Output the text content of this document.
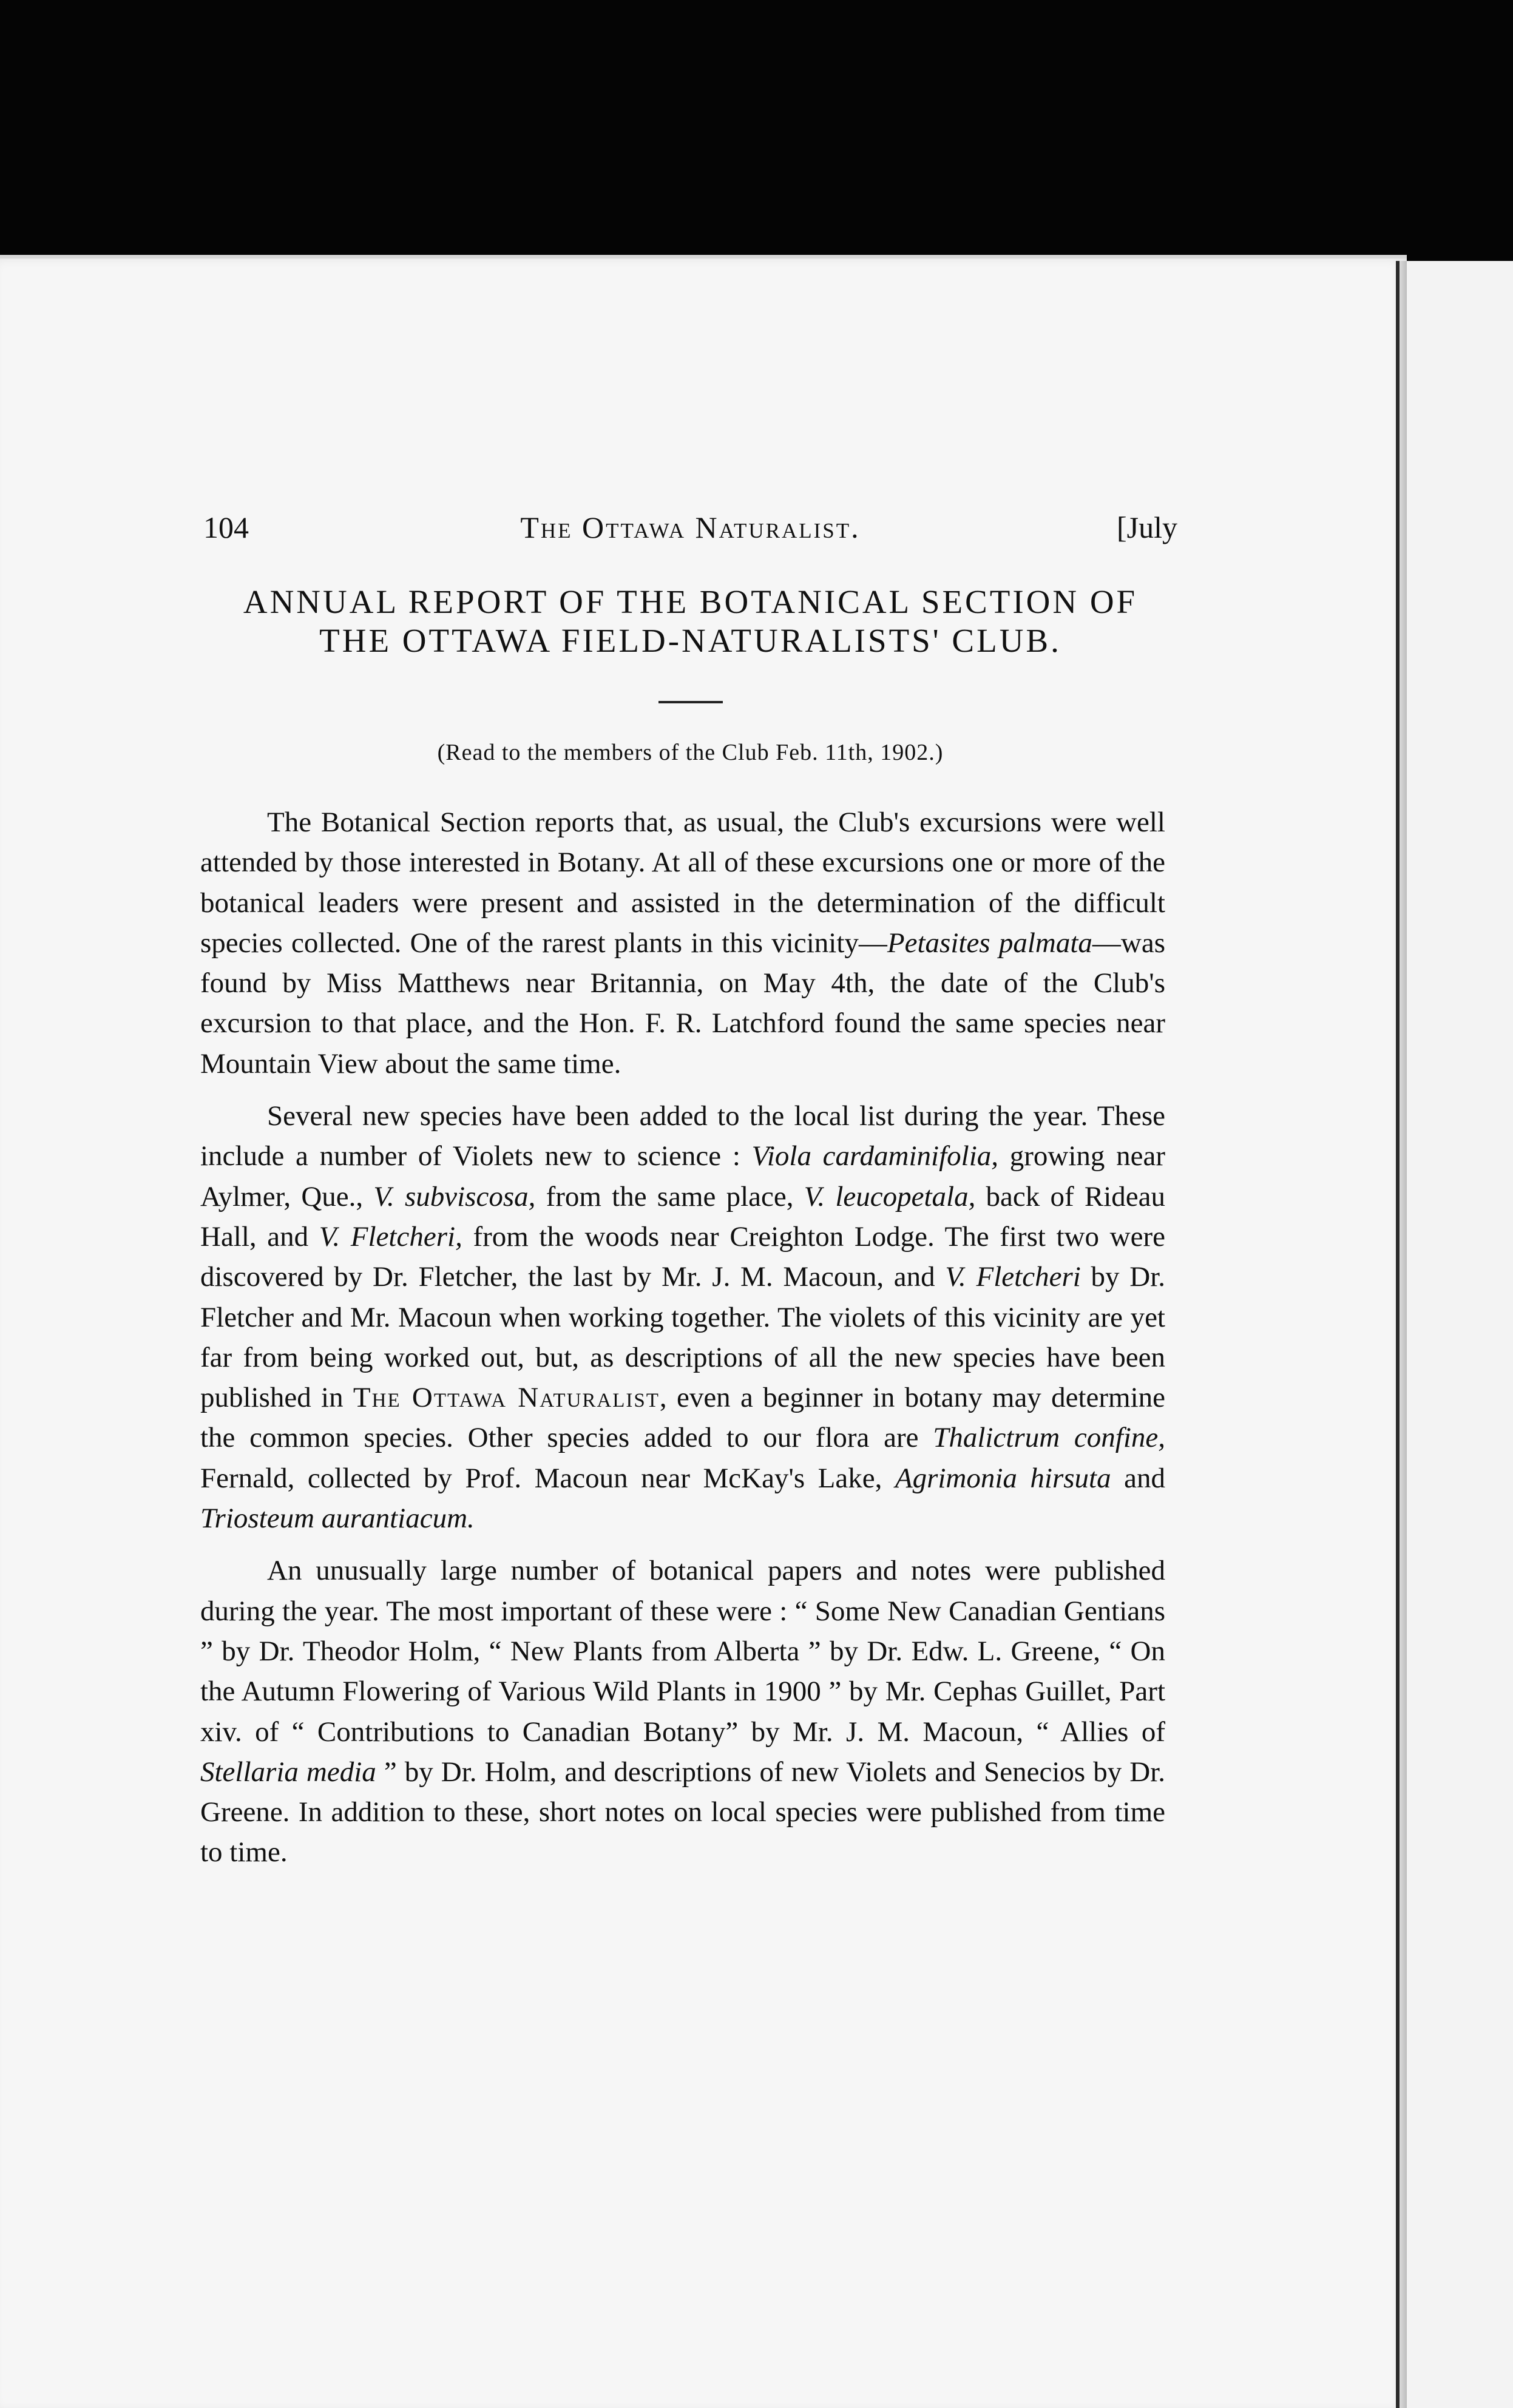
104	The Ottawa Naturalist.	[July
ANNUAL REPORT OF THE BOTANICAL SECTION OF
THE OTTAWA FIELD-NATURALISTS' CLUB.
(Read to the members of the Club Feb. 11th, 1902.)

The Botanical Section reports that, as usual, the Club's excursions were well attended by those interested in Botany. At all of these excursions one or more of the botanical leaders were present and assisted in the determination of the difficult species collected. One of the rarest plants in this vicinity—Petasites palmata—was found by Miss Matthews near Britannia, on May 4th, the date of the Club's excursion to that place, and the Hon. F. R. Latchford found the same species near Mountain View about the same time.

Several new species have been added to the local list during the year. These include a number of Violets new to science : Viola cardaminifolia, growing near Aylmer, Que., V. subviscosa, from the same place, V. leucopetala, back of Rideau Hall, and V. Fletcheri, from the woods near Creighton Lodge. The first two were discovered by Dr. Fletcher, the last by Mr. J. M. Macoun, and V. Fletcheri by Dr. Fletcher and Mr. Macoun when working together. The violets of this vicinity are yet far from being worked out, but, as descriptions of all the new species have been published in The Ottawa Naturalist, even a beginner in botany may determine the common species. Other species added to our flora are Thalictrum confine, Fernald, collected by Prof. Macoun near McKay's Lake, Agrimonia hirsuta and Triosteum aurantiacum.

An unusually large number of botanical papers and notes were published during the year. The most important of these were : “ Some New Canadian Gentians ” by Dr. Theodor Holm, “ New Plants from Alberta ” by Dr. Edw. L. Greene, “ On the Autumn Flowering of Various Wild Plants in 1900 ” by Mr. Cephas Guillet, Part xiv. of “ Contributions to Canadian Botany” by Mr. J. M. Macoun, “ Allies of Stellaria media ” by Dr. Holm, and descriptions of new Violets and Senecios by Dr. Greene. In addition to these, short notes on local species were published from time to time.
